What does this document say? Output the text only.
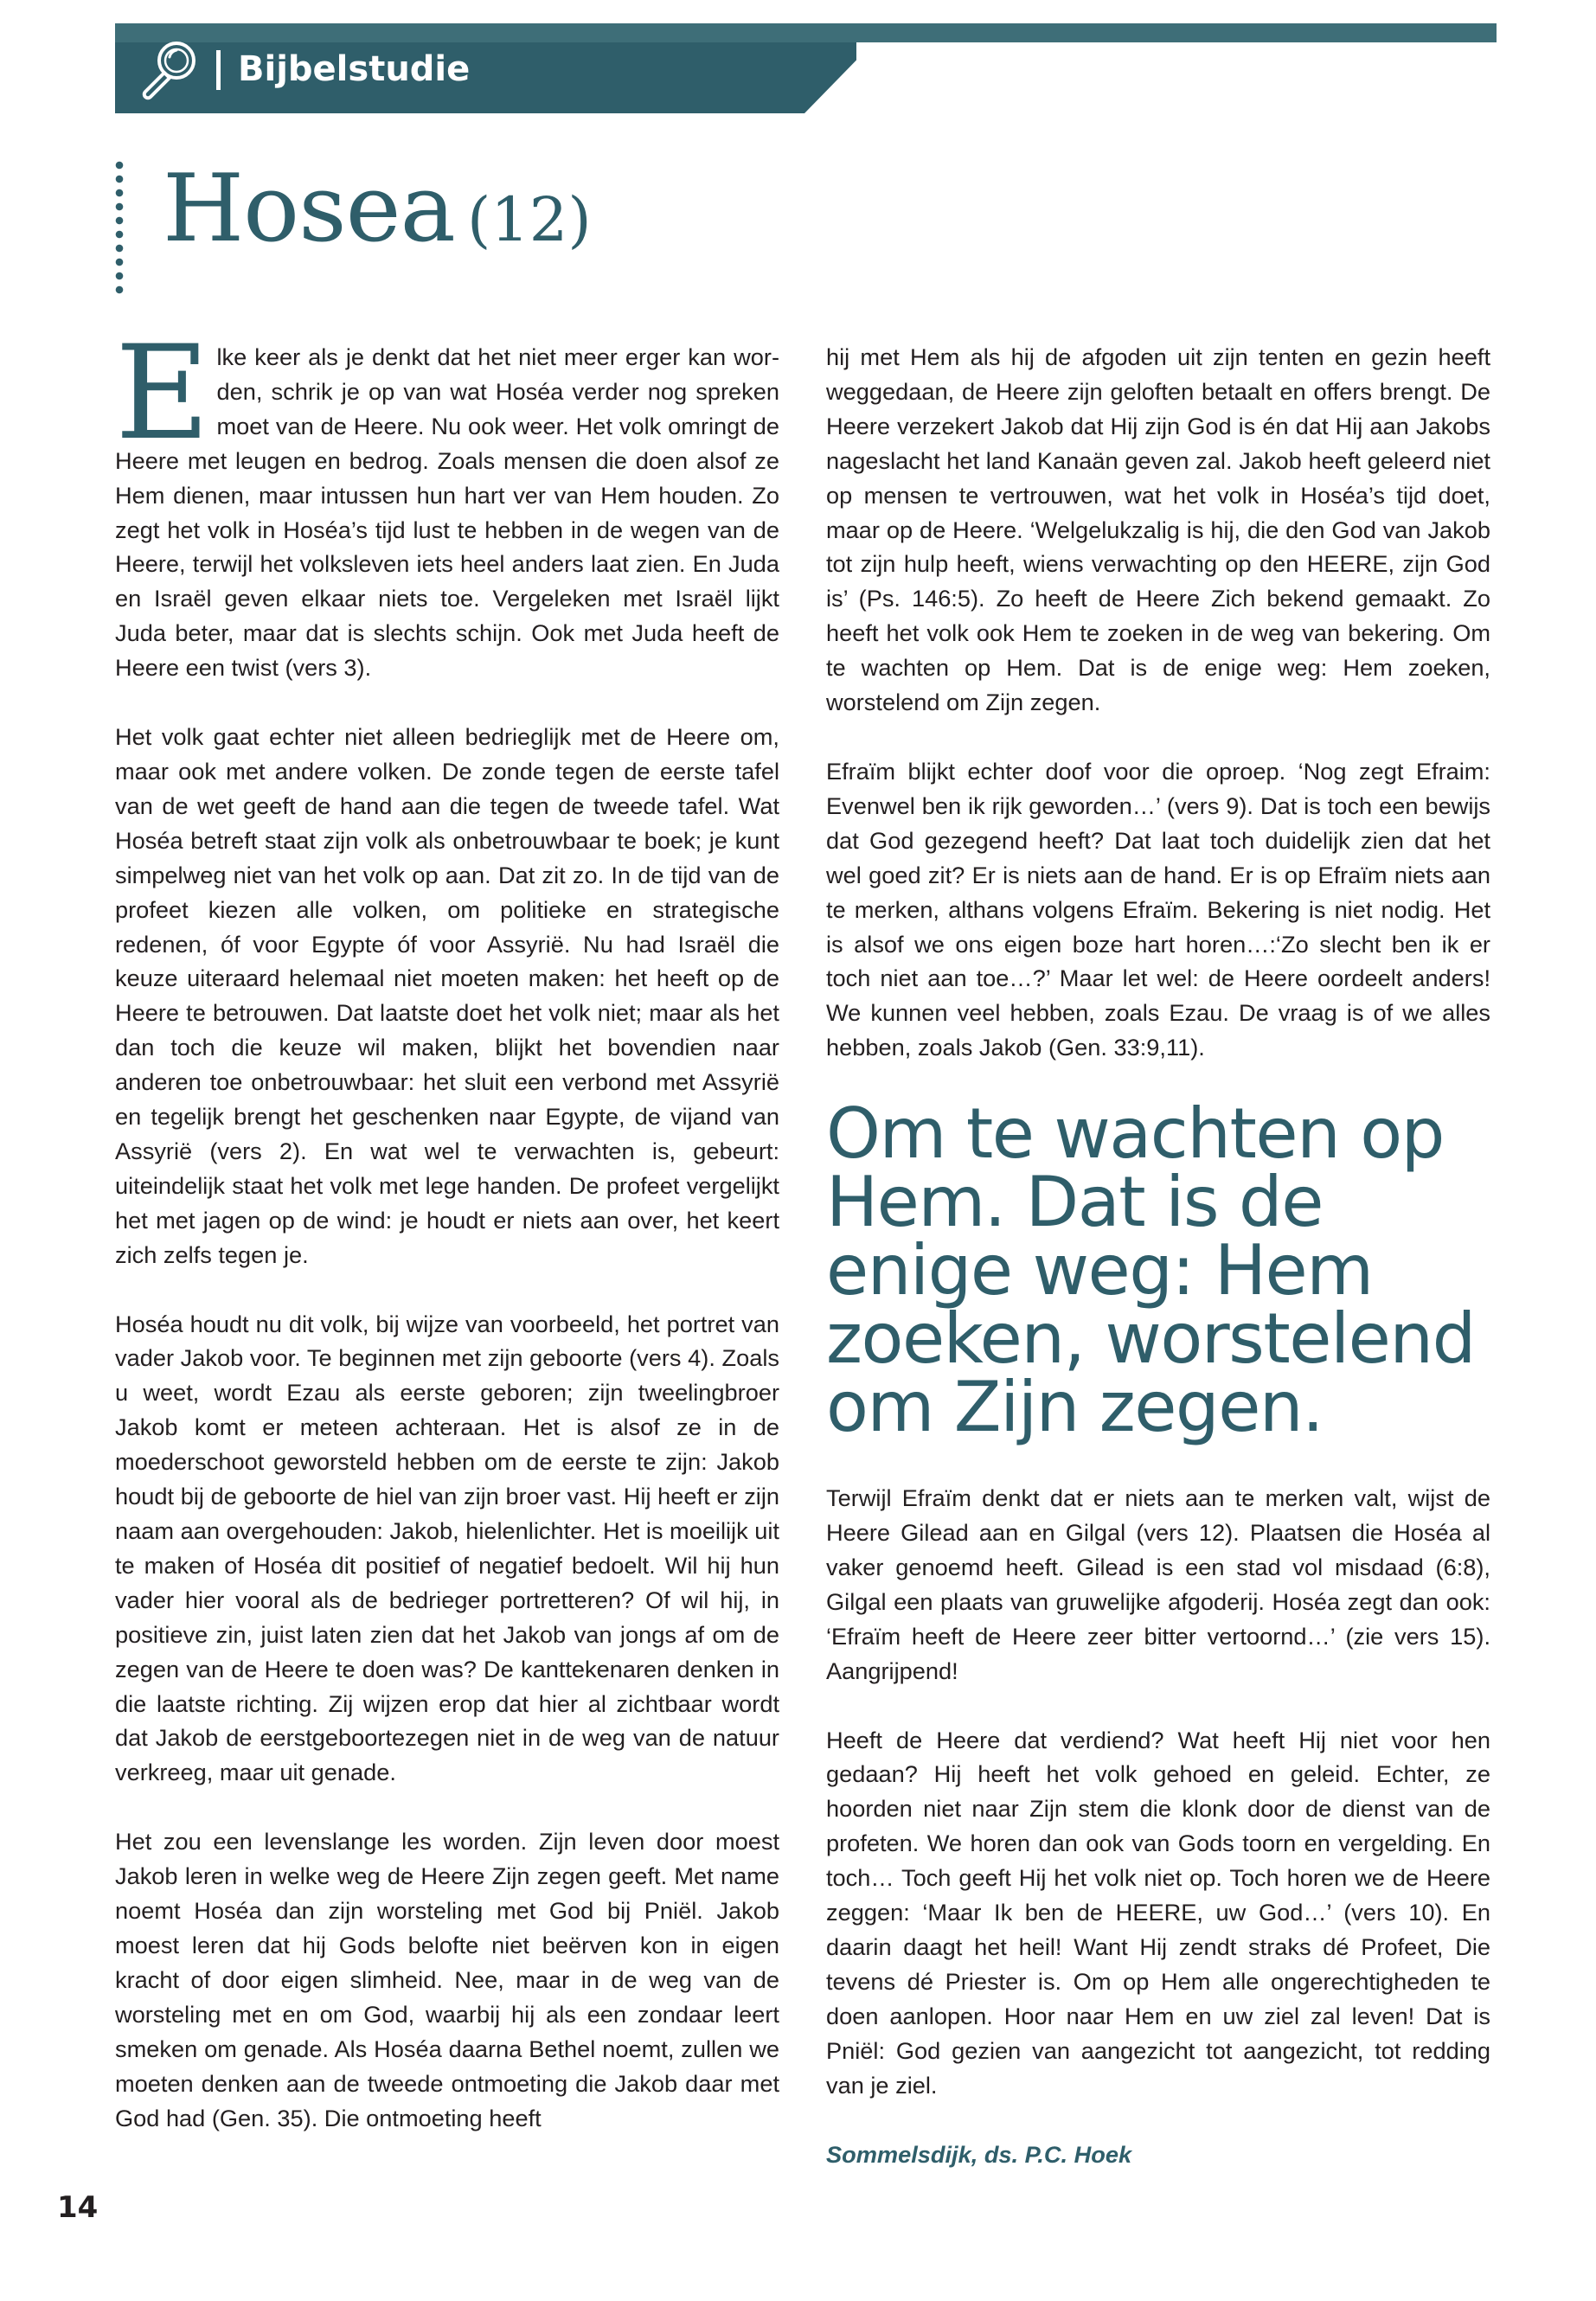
Bijbelstudie
Hosea (12)

Elke keer als je denkt dat het niet meer erger kan worden, schrik je op van wat Hoséa verder nog spreken moet van de Heere. Nu ook weer. Het volk omringt de Heere met leugen en bedrog. Zoals mensen die doen alsof ze Hem dienen, maar intussen hun hart ver van Hem houden. Zo zegt het volk in Hoséa’s tijd lust te hebben in de wegen van de Heere, terwijl het volksleven iets heel anders laat zien. En Juda en Israël geven elkaar niets toe. Vergeleken met Israël lijkt Juda beter, maar dat is slechts schijn. Ook met Juda heeft de Heere een twist (vers 3).

Het volk gaat echter niet alleen bedrieglijk met de Heere om, maar ook met andere volken. De zonde tegen de eerste tafel van de wet geeft de hand aan die tegen de tweede tafel. Wat Hoséa betreft staat zijn volk als onbetrouwbaar te boek; je kunt simpelweg niet van het volk op aan. Dat zit zo. In de tijd van de profeet kiezen alle volken, om politieke en strategische redenen, óf voor Egypte óf voor Assyrië. Nu had Israël die keuze uiteraard helemaal niet moeten maken: het heeft op de Heere te betrouwen. Dat laatste doet het volk niet; maar als het dan toch die keuze wil maken, blijkt het bovendien naar anderen toe onbetrouwbaar: het sluit een verbond met Assyrië en tegelijk brengt het geschenken naar Egypte, de vijand van Assyrië (vers 2). En wat wel te verwachten is, gebeurt: uiteindelijk staat het volk met lege handen. De profeet vergelijkt het met jagen op de wind: je houdt er niets aan over, het keert zich zelfs tegen je.

Hoséa houdt nu dit volk, bij wijze van voorbeeld, het portret van vader Jakob voor. Te beginnen met zijn geboorte (vers 4). Zoals u weet, wordt Ezau als eerste geboren; zijn tweelingbroer Jakob komt er meteen achteraan. Het is alsof ze in de moederschoot geworsteld hebben om de eerste te zijn: Jakob houdt bij de geboorte de hiel van zijn broer vast. Hij heeft er zijn naam aan overgehouden: Jakob, hielenlichter. Het is moeilijk uit te maken of Hoséa dit positief of negatief bedoelt. Wil hij hun vader hier vooral als de bedrieger portretteren? Of wil hij, in positieve zin, juist laten zien dat het Jakob van jongs af om de zegen van de Heere te doen was? De kanttekenaren denken in die laatste richting. Zij wijzen erop dat hier al zichtbaar wordt dat Jakob de eerstgeboortezegen niet in de weg van de natuur verkreeg, maar uit genade.

Het zou een levenslange les worden. Zijn leven door moest Jakob leren in welke weg de Heere Zijn zegen geeft. Met name noemt Hoséa dan zijn worsteling met God bij Pniël. Jakob moest leren dat hij Gods belofte niet beërven kon in eigen kracht of door eigen slimheid. Nee, maar in de weg van de worsteling met en om God, waarbij hij als een zondaar leert smeken om genade. Als Hoséa daarna Bethel noemt, zullen we moeten denken aan de tweede ontmoeting die Jakob daar met God had (Gen. 35). Die ontmoeting heeft

hij met Hem als hij de afgoden uit zijn tenten en gezin heeft weggedaan, de Heere zijn geloften betaalt en offers brengt. De Heere verzekert Jakob dat Hij zijn God is én dat Hij aan Jakobs nageslacht het land Kanaän geven zal. Jakob heeft geleerd niet op mensen te vertrouwen, wat het volk in Hoséa’s tijd doet, maar op de Heere. ‘Welgelukzalig is hij, die den God van Jakob tot zijn hulp heeft, wiens verwachting op den HEERE, zijn God is’ (Ps. 146:5). Zo heeft de Heere Zich bekend gemaakt. Zo heeft het volk ook Hem te zoeken in de weg van bekering. Om te wachten op Hem. Dat is de enige weg: Hem zoeken, worstelend om Zijn zegen.

Efraïm blijkt echter doof voor die oproep. ‘Nog zegt Efraim: Evenwel ben ik rijk geworden…’ (vers 9). Dat is toch een bewijs dat God gezegend heeft? Dat laat toch duidelijk zien dat het wel goed zit? Er is niets aan de hand. Er is op Efraïm niets aan te merken, althans volgens Efraïm. Bekering is niet nodig. Het is alsof we ons eigen boze hart horen…:‘Zo slecht ben ik er toch niet aan toe…?’ Maar let wel: de Heere oordeelt anders! We kunnen veel hebben, zoals Ezau. De vraag is of we alles hebben, zoals Jakob (Gen. 33:9,11).

Om te wachten op Hem. Dat is de enige weg: Hem zoeken, worstelend om Zijn zegen.

Terwijl Efraïm denkt dat er niets aan te merken valt, wijst de Heere Gilead aan en Gilgal (vers 12). Plaatsen die Hoséa al vaker genoemd heeft. Gilead is een stad vol misdaad (6:8), Gilgal een plaats van gruwelijke afgoderij. Hoséa zegt dan ook: ‘Efraïm heeft de Heere zeer bitter vertoornd…’ (zie vers 15). Aangrijpend!

Heeft de Heere dat verdiend? Wat heeft Hij niet voor hen gedaan? Hij heeft het volk gehoed en geleid. Echter, ze hoorden niet naar Zijn stem die klonk door de dienst van de profeten. We horen dan ook van Gods toorn en vergelding. En toch… Toch geeft Hij het volk niet op. Toch horen we de Heere zeggen: ‘Maar Ik ben de HEERE, uw God…’ (vers 10). En daarin daagt het heil! Want Hij zendt straks dé Profeet, Die tevens dé Priester is. Om op Hem alle ongerechtigheden te doen aanlopen. Hoor naar Hem en uw ziel zal leven! Dat is Pniël: God gezien van aangezicht tot aangezicht, tot redding van je ziel.

Sommelsdijk, ds. P.C. Hoek

14
